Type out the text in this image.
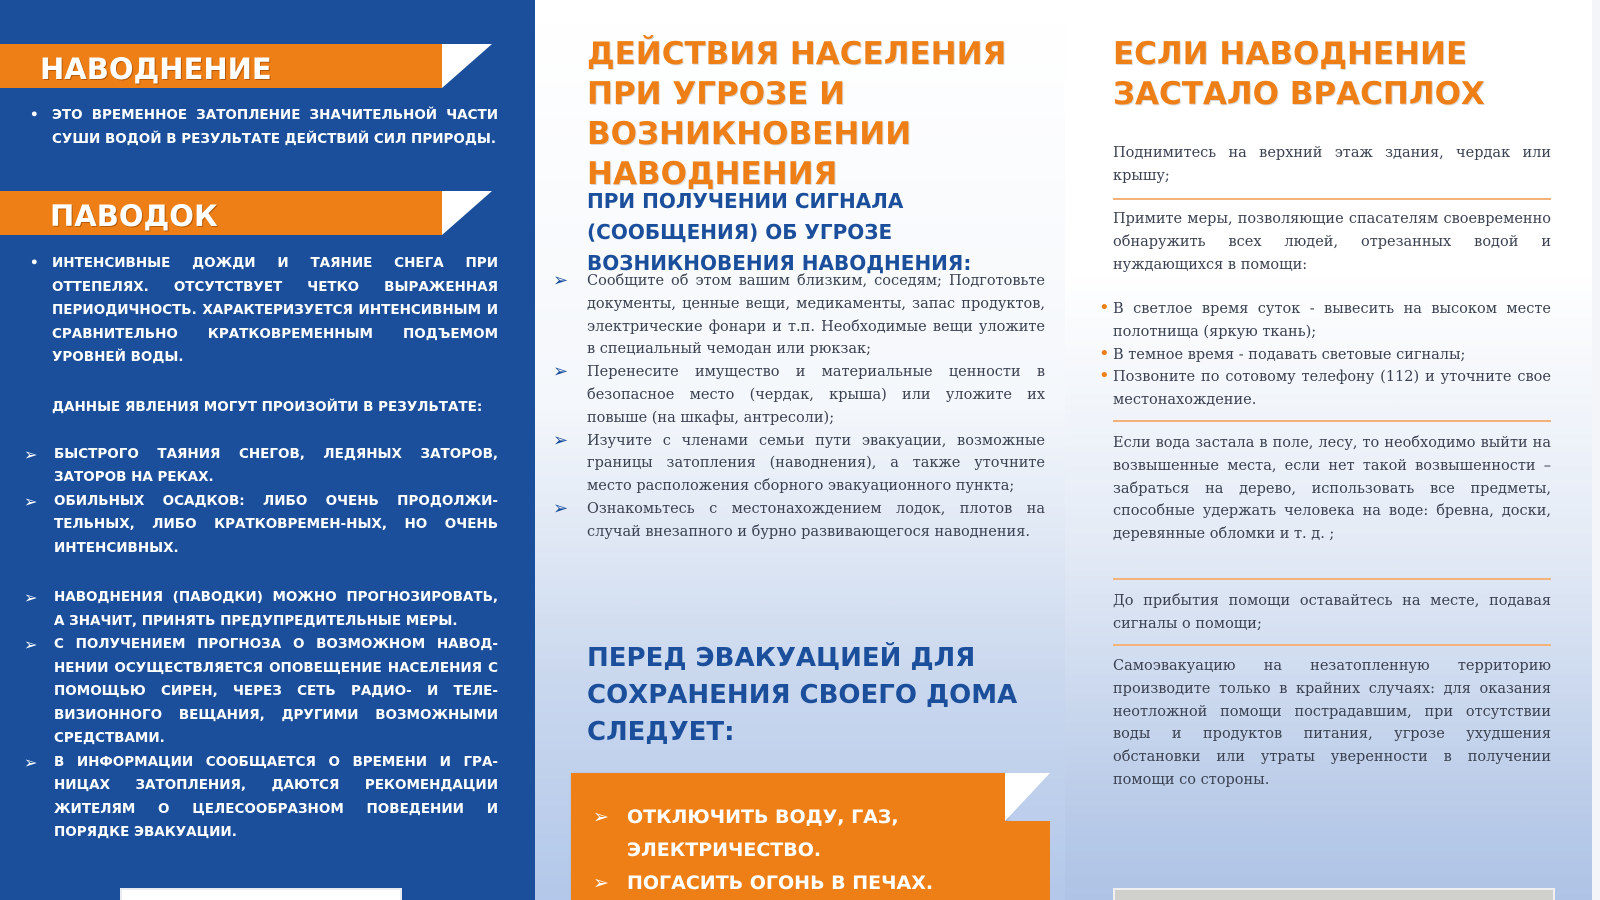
НАВОДНЕНИЕ
• ЭТО ВРЕМЕННОЕ ЗАТОПЛЕНИЕ ЗНАЧИТЕЛЬНОЙ ЧАСТИ СУШИ ВОДОЙ В РЕЗУЛЬТАТЕ ДЕЙСТВИЙ СИЛ ПРИРОДЫ.
ПАВОДОК
• ИНТЕНСИВНЫЕ ДОЖДИ И ТАЯНИЕ СНЕГА ПРИ ОТТЕПЕЛЯХ. ОТСУТСТВУЕТ ЧЕТКО ВЫРАЖЕННАЯ ПЕРИОДИЧНОСТЬ. ХАРАКТЕРИЗУЕТСЯ ИНТЕНСИВНЫМ И СРАВНИТЕЛЬНО КРАТКОВРЕМЕННЫМ ПОДЪЕМОМ УРОВНЕЙ ВОДЫ.

ДАННЫЕ ЯВЛЕНИЯ МОГУТ ПРОИЗОЙТИ В РЕЗУЛЬТАТЕ:

➢ БЫСТРОГО ТАЯНИЯ СНЕГОВ, ЛЕДЯНЫХ ЗАТОРОВ, ЗАТОРОВ НА РЕКАХ.
➢ ОБИЛЬНЫХ ОСАДКОВ: ЛИБО ОЧЕНЬ ПРОДОЛЖИ-ТЕЛЬНЫХ, ЛИБО КРАТКОВРЕМЕН-НЫХ, НО ОЧЕНЬ ИНТЕНСИВНЫХ.
➢ НАВОДНЕНИЯ (ПАВОДКИ) МОЖНО ПРОГНОЗИРОВАТЬ, А ЗНАЧИТ, ПРИНЯТЬ ПРЕДУПРЕДИТЕЛЬНЫЕ МЕРЫ.
➢ С ПОЛУЧЕНИЕМ ПРОГНОЗА О ВОЗМОЖНОМ НАВОД-НЕНИИ ОСУЩЕСТВЛЯЕТСЯ ОПОВЕЩЕНИЕ НАСЕЛЕНИЯ С ПОМОЩЬЮ СИРЕН, ЧЕРЕЗ СЕТЬ РАДИО- И ТЕЛЕ-ВИЗИОННОГО ВЕЩАНИЯ, ДРУГИМИ ВОЗМОЖНЫМИ СРЕДСТВАМИ.
➢ В ИНФОРМАЦИИ СООБЩАЕТСЯ О ВРЕМЕНИ И ГРА-НИЦАХ ЗАТОПЛЕНИЯ, ДАЮТСЯ РЕКОМЕНДАЦИИ ЖИТЕЛЯМ О ЦЕЛЕСООБРАЗНОМ ПОВЕДЕНИИ И ПОРЯДКЕ ЭВАКУАЦИИ.
ДЕЙСТВИЯ НАСЕЛЕНИЯ ПРИ УГРОЗЕ И ВОЗНИКНОВЕНИИ НАВОДНЕНИЯ
ПРИ ПОЛУЧЕНИИ СИГНАЛА (СООБЩЕНИЯ) ОБ УГРОЗЕ ВОЗНИКНОВЕНИЯ НАВОДНЕНИЯ:
➢ Сообщите об этом вашим близким, соседям; Подготовьте документы, ценные вещи, медикаменты, запас продуктов, электрические фонари и т.п. Необходимые вещи уложите в специальный чемодан или рюкзак;
➢ Перенесите имущество и материальные ценности в безопасное место (чердак, крыша) или уложите их повыше (на шкафы, антресоли);
➢ Изучите с членами семьи пути эвакуации, возможные границы затопления (наводнения), а также уточните место расположения сборного эвакуационного пункта;
➢ Ознакомьтесь с местонахождением лодок, плотов на случай внезапного и бурно развивающегося наводнения.
ПЕРЕД ЭВАКУАЦИЕЙ ДЛЯ СОХРАНЕНИЯ СВОЕГО ДОМА СЛЕДУЕТ:
➢ ОТКЛЮЧИТЬ ВОДУ, ГАЗ, ЭЛЕКТРИЧЕСТВО.
➢ ПОГАСИТЬ ОГОНЬ В ПЕЧАХ.
ЕСЛИ НАВОДНЕНИЕ ЗАСТАЛО ВРАСПЛОХ

Поднимитесь на верхний этаж здания, чердак или крышу;

Примите меры, позволяющие спасателям своевременно обнаружить всех людей, отрезанных водой и нуждающихся в помощи:

• В светлое время суток - вывесить на высоком месте полотнища (яркую ткань);
• В темное время - подавать световые сигналы;
• Позвоните по сотовому телефону (112) и уточните свое местонахождение.

Если вода застала в поле, лесу, то необходимо выйти на возвышенные места, если нет такой возвышенности – забраться на дерево, использовать все предметы, способные удержать человека на воде: бревна, доски, деревянные обломки и т. д. ;

До прибытия помощи оставайтесь на месте, подавая сигналы о помощи;

Самоэвакуацию на незатопленную территорию производите только в крайних случаях: для оказания неотложной помощи пострадавшим, при отсутствии воды и продуктов питания, угрозе ухудшения обстановки или утраты уверенности в получении помощи со стороны.
